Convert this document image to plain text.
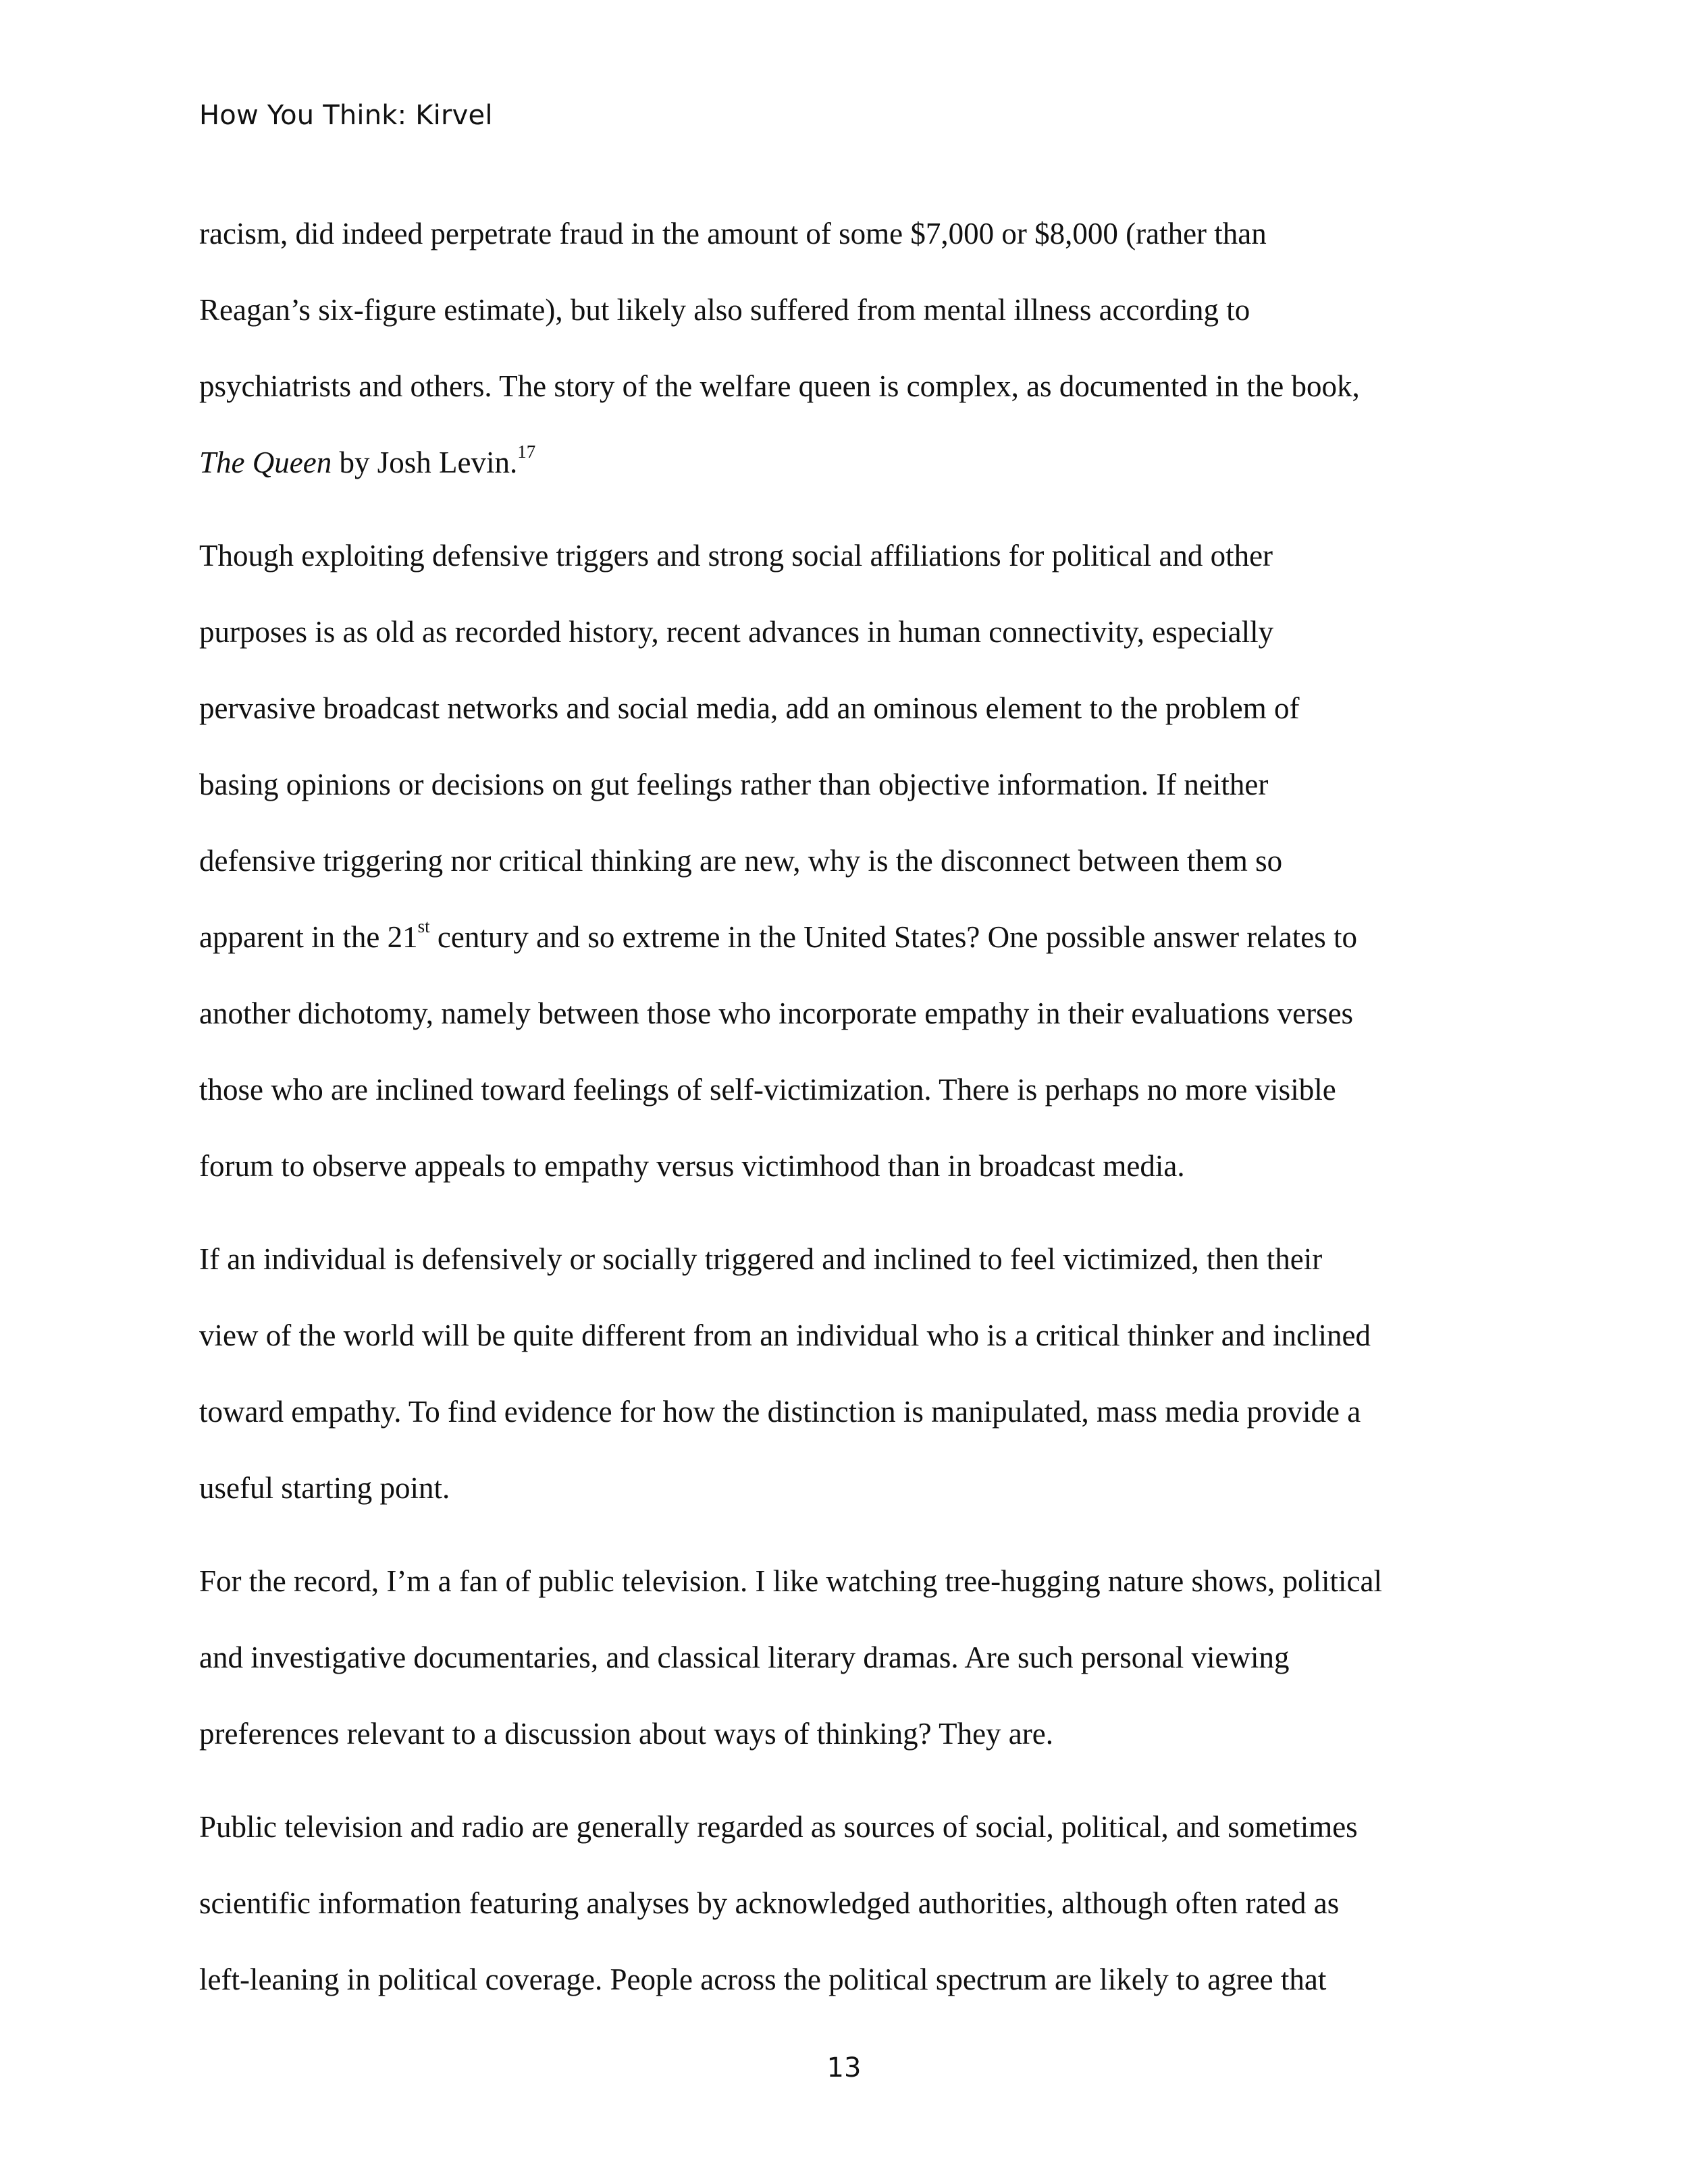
How You Think: Kirvel

racism, did indeed perpetrate fraud in the amount of some $7,000 or $8,000 (rather than
Reagan’s six-figure estimate), but likely also suffered from mental illness according to
psychiatrists and others. The story of the welfare queen is complex, as documented in the book,
The Queen by Josh Levin.$^{17}$

Though exploiting defensive triggers and strong social affiliations for political and other
purposes is as old as recorded history, recent advances in human connectivity, especially
pervasive broadcast networks and social media, add an ominous element to the problem of
basing opinions or decisions on gut feelings rather than objective information. If neither
defensive triggering nor critical thinking are new, why is the disconnect between them so
apparent in the 21st century and so extreme in the United States? One possible answer relates to
another dichotomy, namely between those who incorporate empathy in their evaluations verses
those who are inclined toward feelings of self-victimization. There is perhaps no more visible
forum to observe appeals to empathy versus victimhood than in broadcast media.

If an individual is defensively or socially triggered and inclined to feel victimized, then their
view of the world will be quite different from an individual who is a critical thinker and inclined
toward empathy. To find evidence for how the distinction is manipulated, mass media provide a
useful starting point.

For the record, I’m a fan of public television. I like watching tree-hugging nature shows, political
and investigative documentaries, and classical literary dramas. Are such personal viewing
preferences relevant to a discussion about ways of thinking? They are.

Public television and radio are generally regarded as sources of social, political, and sometimes
scientific information featuring analyses by acknowledged authorities, although often rated as
left-leaning in political coverage. People across the political spectrum are likely to agree that

13
